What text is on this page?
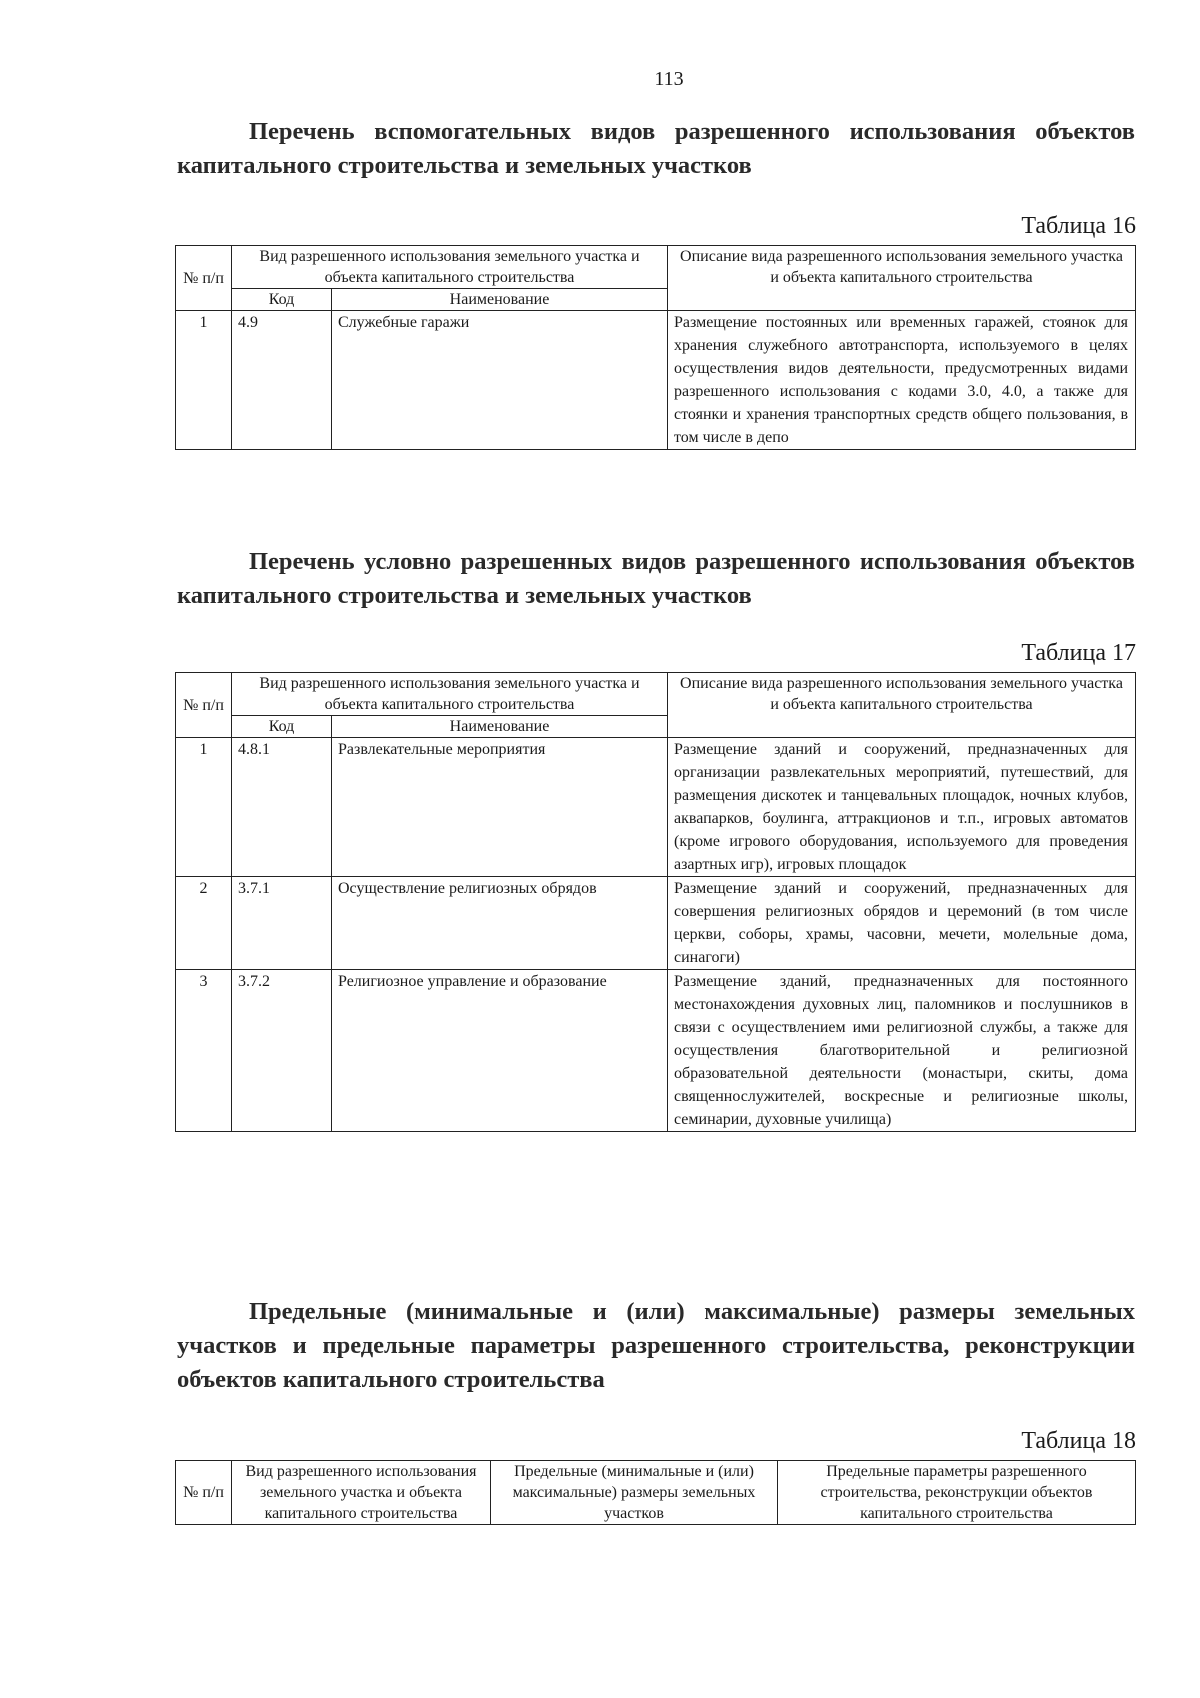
113
Перечень вспомогательных видов разрешенного использования объектов капитального строительства и земельных участков
Таблица 16
№ п/п	Вид разрешенного использования земельного участка и объекта капитального строительства		Описание вида разрешенного использования земельного участка и объекта капитального строительства
	Код	Наименование	
1	4.9	Служебные гаражи	Размещение постоянных или временных гаражей, стоянок для хранения служебного автотранспорта, используемого в целях осуществления видов деятельности, предусмотренных видами разрешенного использования с кодами 3.0, 4.0, а также для стоянки и хранения транспортных средств общего пользования, в том числе в депо
Перечень условно разрешенных видов разрешенного использования объектов капитального строительства и земельных участков
Таблица 17
№ п/п	Вид разрешенного использования земельного участка и объекта капитального строительства		Описание вида разрешенного использования земельного участка и объекта капитального строительства
	Код	Наименование	
1	4.8.1	Развлекательные мероприятия	Размещение зданий и сооружений, предназначенных для организации развлекательных мероприятий, путешествий, для размещения дискотек и танцевальных площадок, ночных клубов, аквапарков, боулинга, аттракционов и т.п., игровых автоматов (кроме игрового оборудования, используемого для проведения азартных игр), игровых площадок
2	3.7.1	Осуществление религиозных обрядов	Размещение зданий и сооружений, предназначенных для совершения религиозных обрядов и церемоний (в том числе церкви, соборы, храмы, часовни, мечети, молельные дома, синагоги)
3	3.7.2	Религиозное управление и образование	Размещение зданий, предназначенных для постоянного местонахождения духовных лиц, паломников и послушников в связи с осуществлением ими религиозной службы, а также для осуществления благотворительной и религиозной образовательной деятельности (монастыри, скиты, дома священнослужителей, воскресные и религиозные школы, семинарии, духовные училища)
Предельные (минимальные и (или) максимальные) размеры земельных участков и предельные параметры разрешенного строительства, реконструкции объектов капитального строительства
Таблица 18
№ п/п	Вид разрешенного использования земельного участка и объекта капитального строительства	Предельные (минимальные и (или) максимальные) размеры земельных участков	Предельные параметры разрешенного строительства, реконструкции объектов капитального строительства
